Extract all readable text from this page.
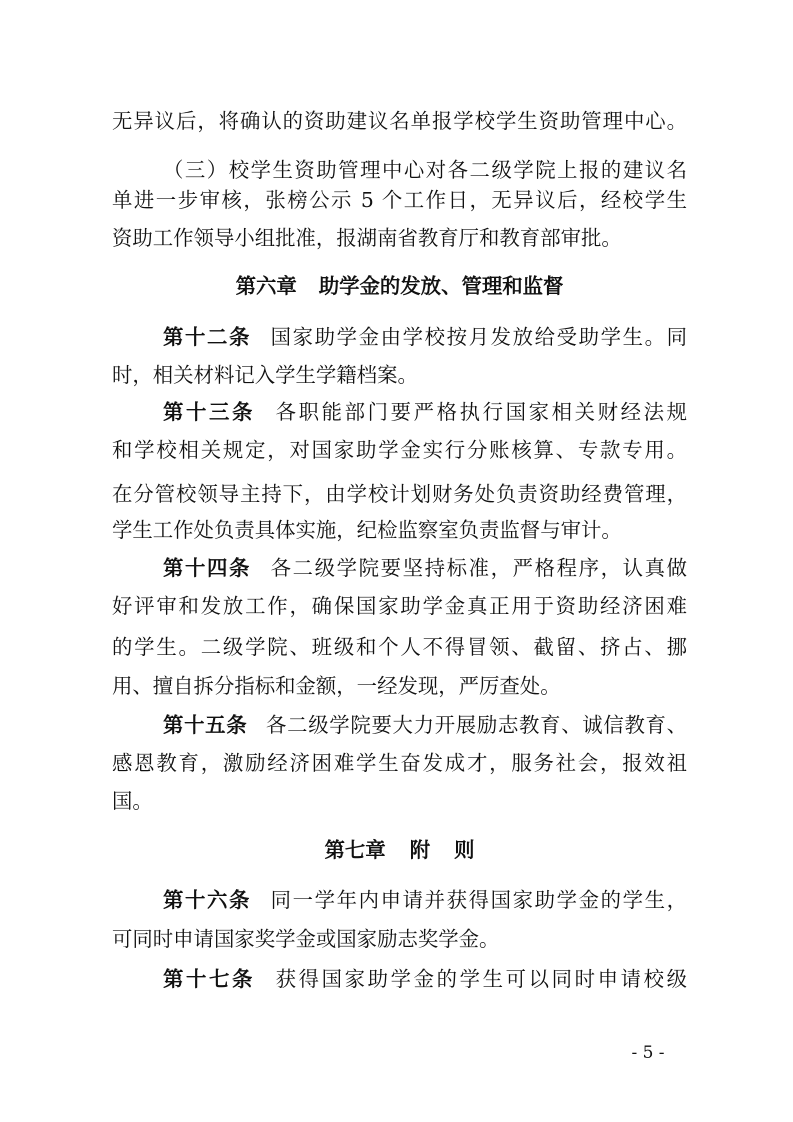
无异议后，将确认的资助建议名单报学校学生资助管理中心。
（三）校学生资助管理中心对各二级学院上报的建议名
单进一步审核，张榜公示 5 个工作日，无异议后，经校学生
资助工作领导小组批准，报湖南省教育厅和教育部审批。
第六章 助学金的发放、管理和监督
第十二条 国家助学金由学校按月发放给受助学生。同
时，相关材料记入学生学籍档案。
第十三条 各职能部门要严格执行国家相关财经法规
和学校相关规定，对国家助学金实行分账核算、专款专用。
在分管校领导主持下，由学校计划财务处负责资助经费管理，
学生工作处负责具体实施，纪检监察室负责监督与审计。
第十四条 各二级学院要坚持标准，严格程序，认真做
好评审和发放工作，确保国家助学金真正用于资助经济困难
的学生。二级学院、班级和个人不得冒领、截留、挤占、挪
用、擅自拆分指标和金额，一经发现，严厉查处。
第十五条 各二级学院要大力开展励志教育、诚信教育、
感恩教育，激励经济困难学生奋发成才，服务社会，报效祖
国。
第七章 附 则
第十六条 同一学年内申请并获得国家助学金的学生，
可同时申请国家奖学金或国家励志奖学金。
第十七条 获得国家助学金的学生可以同时申请校级
- 5 -
